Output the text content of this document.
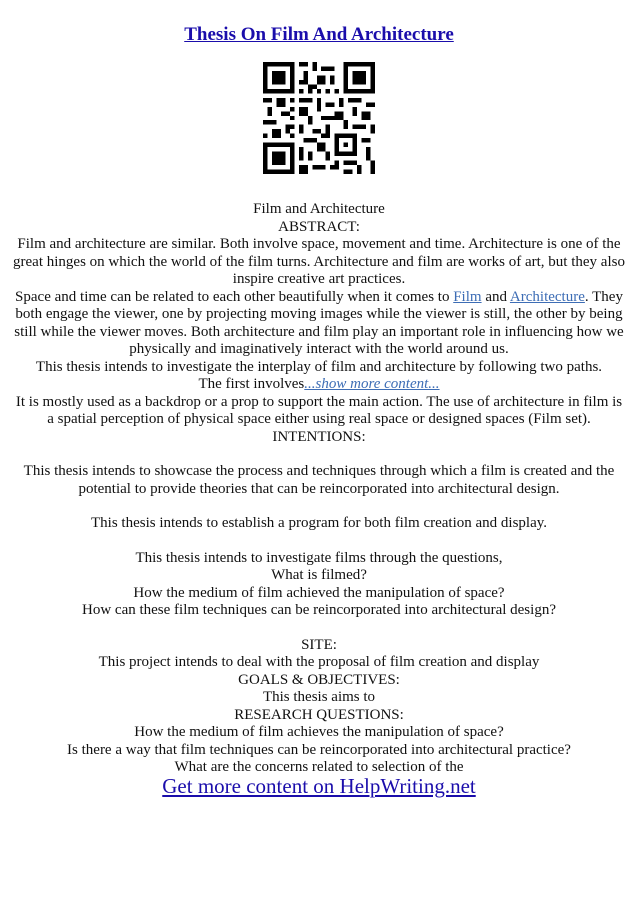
Thesis On Film And Architecture

Film and Architecture

ABSTRACT:

Film and architecture are similar. Both involve space, movement and time. Architecture is one of the great hinges on which the world of the film turns. Architecture and film are works of art, but they also inspire creative art practices.

Space and time can be related to each other beautifully when it comes to Film and Architecture. They both engage the viewer, one by projecting moving images while the viewer is still, the other by being still while the viewer moves. Both architecture and film play an important role in influencing how we physically and imaginatively interact with the world around us.

This thesis intends to investigate the interplay of film and architecture by following two paths.

The first involves...show more content...

It is mostly used as a backdrop or a prop to support the main action. The use of architecture in film is a spatial perception of physical space either using real space or designed spaces (Film set).

INTENTIONS:

This thesis intends to showcase the process and techniques through which a film is created and the potential to provide theories that can be reincorporated into architectural design.

This thesis intends to establish a program for both film creation and display.

This thesis intends to investigate films through the questions,

What is filmed?

How the medium of film achieved the manipulation of space?

How can these film techniques can be reincorporated into architectural design?

SITE:

This project intends to deal with the proposal of film creation and display

GOALS & OBJECTIVES:

This thesis aims to

RESEARCH QUESTIONS:

How the medium of film achieves the manipulation of space?

Is there a way that film techniques can be reincorporated into architectural practice?

What are the concerns related to selection of the

Get more content on HelpWriting.net
